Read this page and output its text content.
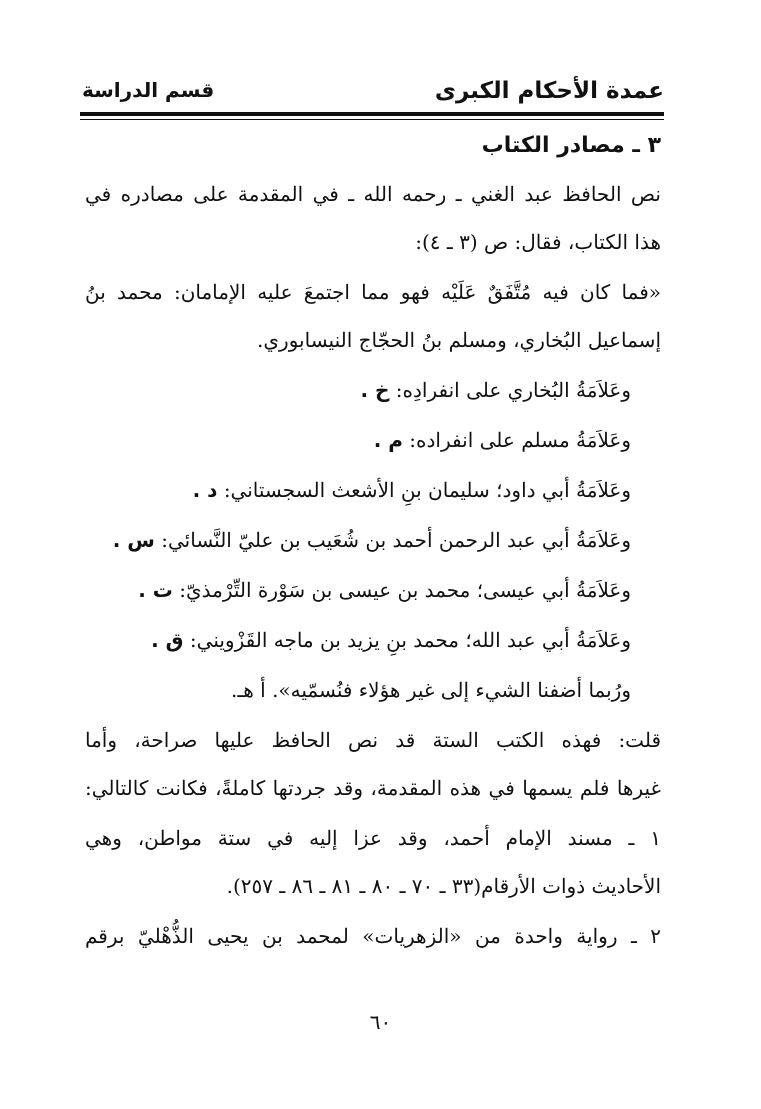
عمدة الأحكام الكبرى
قسم الدراسة
٣ ـ مصادر الكتاب
نص الحافظ عبد الغني ـ رحمه الله ـ في المقدمة على مصادره في
هذا الكتاب، فقال: ص (٣ ـ ٤):
«فما كان فيه مُتَّفَقٌ عَلَيْه فهو مما اجتمعَ عليه الإمامان: محمد بنُ
إسماعيل البُخاري، ومسلم بنُ الحجّاج النيسابوري.
وعَلاَمَةُ البُخاري على انفرادِه: خ .
وعَلاَمَةُ مسلم على انفراده: م .
وعَلاَمَةُ أبي داود؛ سليمان بنِ الأشعث السجستاني: د .
وعَلاَمَةُ أبي عبد الرحمن أحمد بن شُعَيب بن عليّ النَّسائي: س .
وعَلاَمَةُ أبي عيسى؛ محمد بن عيسى بن سَوْرة التِّرْمذيّ: ت .
وعَلاَمَةُ أبي عبد الله؛ محمد بنِ يزيد بن ماجه القَزْويني: ق .
ورُبما أضفنا الشيء إلى غير هؤلاء فنُسمّيه». أ هـ.
قلت: فهذه الكتب الستة قد نص الحافظ عليها صراحة، وأما
غيرها فلم يسمها في هذه المقدمة، وقد جردتها كاملةً، فكانت كالتالي:
١ ـ مسند الإمام أحمد، وقد عزا إليه في ستة مواطن، وهي
الأحاديث ذوات الأرقام(٣٣ ـ ٧٠ ـ ٨٠ ـ ٨١ ـ ٨٦ ـ ٢٥٧).
٢ ـ رواية واحدة من «الزهريات» لمحمد بن يحيى الذُّهْليّ برقم
٦٠
